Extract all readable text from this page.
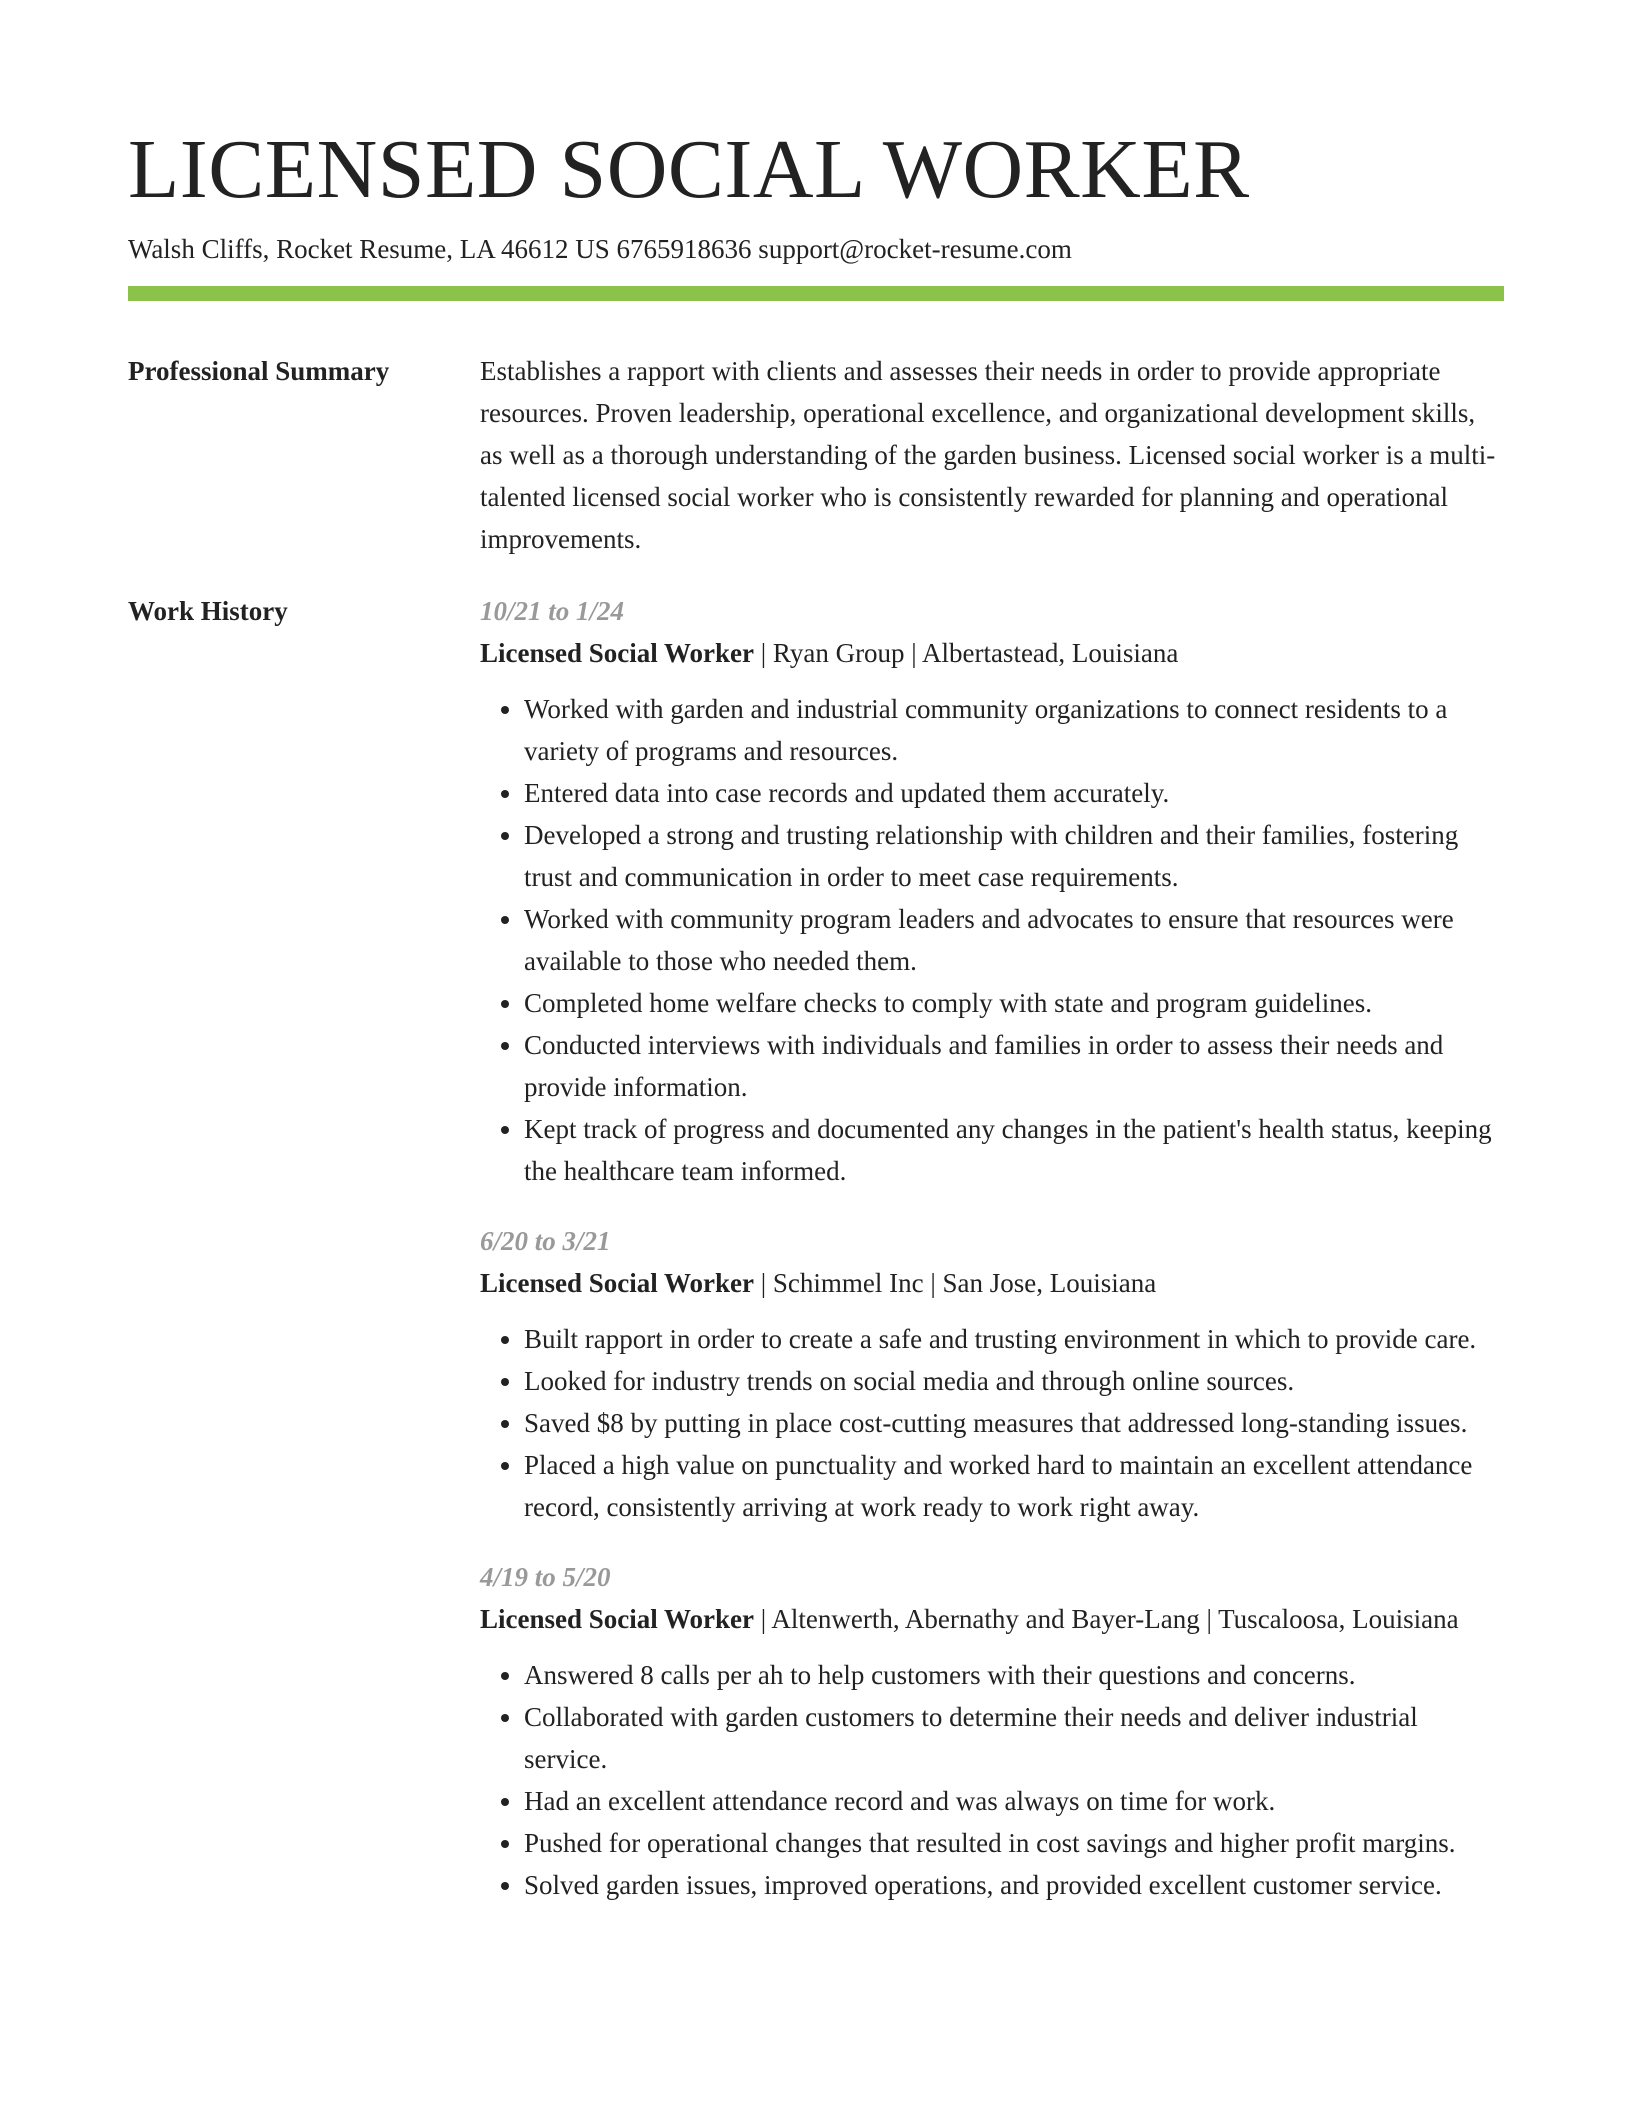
LICENSED SOCIAL WORKER
Walsh Cliffs, Rocket Resume, LA 46612 US 6765918636 support@rocket-resume.com
Professional Summary	Establishes a rapport with clients and assesses their needs in order to provide appropriate resources. Proven leadership, operational excellence, and organizational development skills, as well as a thorough understanding of the garden business. Licensed social worker is a multi-talented licensed social worker who is consistently rewarded for planning and operational improvements.

Work History	10/21 to 1/24
Licensed Social Worker | Ryan Group | Albertastead, Louisiana
• Worked with garden and industrial community organizations to connect residents to a variety of programs and resources.
• Entered data into case records and updated them accurately.
• Developed a strong and trusting relationship with children and their families, fostering trust and communication in order to meet case requirements.
• Worked with community program leaders and advocates to ensure that resources were available to those who needed them.
• Completed home welfare checks to comply with state and program guidelines.
• Conducted interviews with individuals and families in order to assess their needs and provide information.
• Kept track of progress and documented any changes in the patient's health status, keeping the healthcare team informed.
6/20 to 3/21
Licensed Social Worker | Schimmel Inc | San Jose, Louisiana
• Built rapport in order to create a safe and trusting environment in which to provide care.
• Looked for industry trends on social media and through online sources.
• Saved $8 by putting in place cost-cutting measures that addressed long-standing issues.
• Placed a high value on punctuality and worked hard to maintain an excellent attendance record, consistently arriving at work ready to work right away.
4/19 to 5/20
Licensed Social Worker | Altenwerth, Abernathy and Bayer-Lang | Tuscaloosa, Louisiana
• Answered 8 calls per ah to help customers with their questions and concerns.
• Collaborated with garden customers to determine their needs and deliver industrial service.
• Had an excellent attendance record and was always on time for work.
• Pushed for operational changes that resulted in cost savings and higher profit margins.
• Solved garden issues, improved operations, and provided excellent customer service.
